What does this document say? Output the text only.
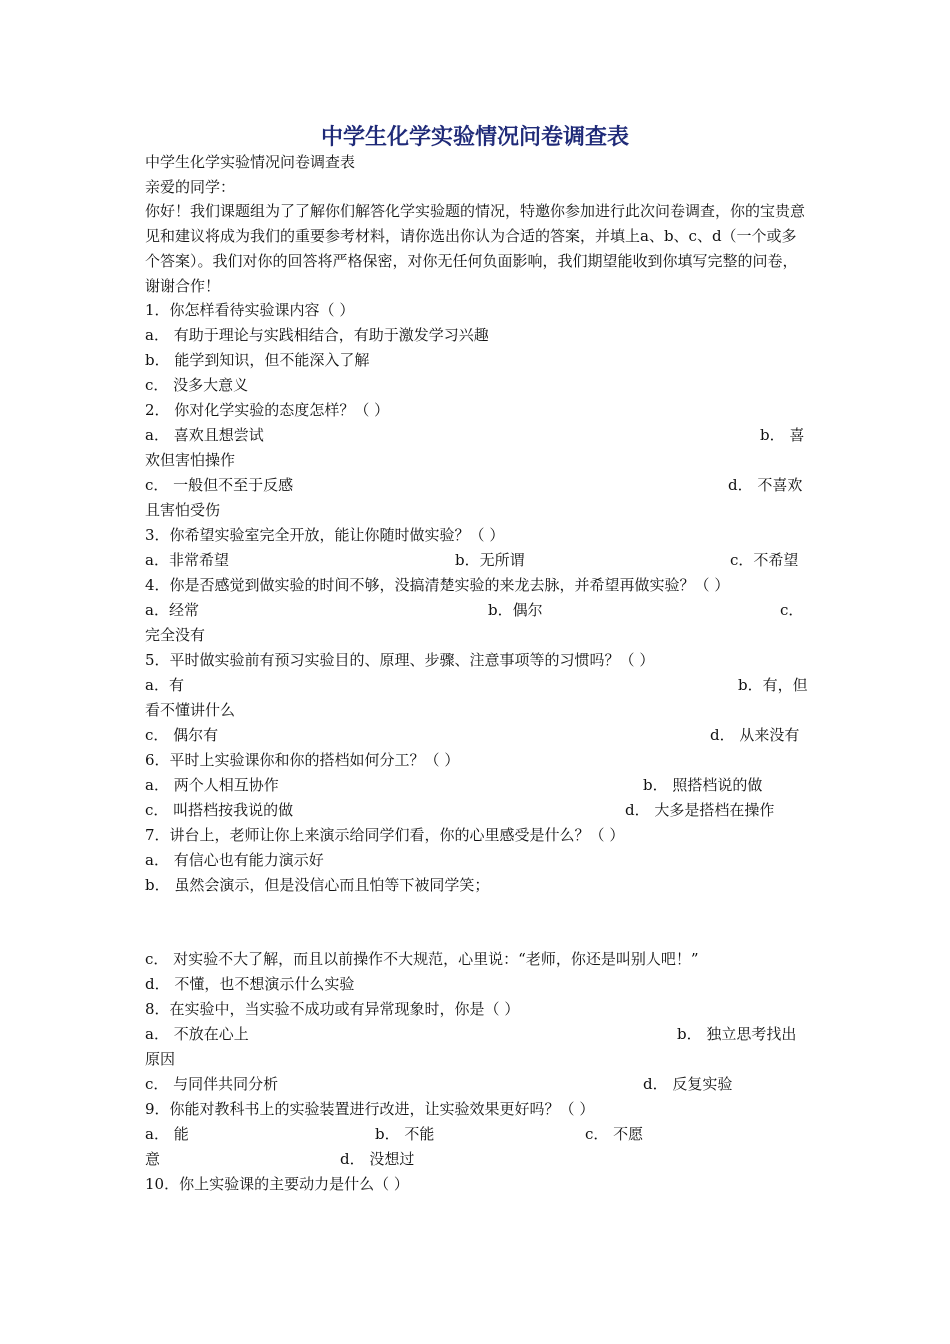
中学生化学实验情况问卷调查表
中学生化学实验情况问卷调查表
亲爱的同学：

你好！我们课题组为了了解你们解答化学实验题的情况，特邀你参加进行此次问卷调查，你的宝贵意见和建议将成为我们的重要参考材料，请你选出你认为合适的答案，并填上a、b、c、d（一个或多个答案）。我们对你的回答将严格保密，对你无任何负面影响，我们期望能收到你填写完整的问卷，谢谢合作！

1．你怎样看待实验课内容（ ）
a． 有助于理论与实践相结合，有助于激发学习兴趣
b． 能学到知识，但不能深入了解
c． 没多大意义
2． 你对化学实验的态度怎样？（ ）
a． 喜欢且想尝试	b． 喜
欢但害怕操作
c． 一般但不至于反感	d． 不喜欢
且害怕受伤
3．你希望实验室完全开放，能让你随时做实验？（ ）
a．非常希望	b．无所谓	c．不希望
4．你是否感觉到做实验的时间不够，没搞清楚实验的来龙去脉，并希望再做实验？（ ）
a．经常	b．偶尔	c．
完全没有
5．平时做实验前有预习实验目的、原理、步骤、注意事项等的习惯吗？（ ）
a．有	b．有，但
看不懂讲什么
c． 偶尔有	d． 从来没有
6．平时上实验课你和你的搭档如何分工？（ ）
a． 两个人相互协作	b． 照搭档说的做
c． 叫搭档按我说的做	d． 大多是搭档在操作
7．讲台上，老师让你上来演示给同学们看，你的心里感受是什么？（ ）
a． 有信心也有能力演示好
b． 虽然会演示，但是没信心而且怕等下被同学笑；
c． 对实验不大了解，而且以前操作不大规范，心里说：“老师，你还是叫别人吧！”
d． 不懂，也不想演示什么实验
8．在实验中，当实验不成功或有异常现象时，你是（ ）
a． 不放在心上	b． 独立思考找出
原因
c． 与同伴共同分析	d． 反复实验
9．你能对教科书上的实验装置进行改进，让实验效果更好吗？（ ）
a． 能	b． 不能	c． 不愿
意	d． 没想过
10．你上实验课的主要动力是什么（ ）
